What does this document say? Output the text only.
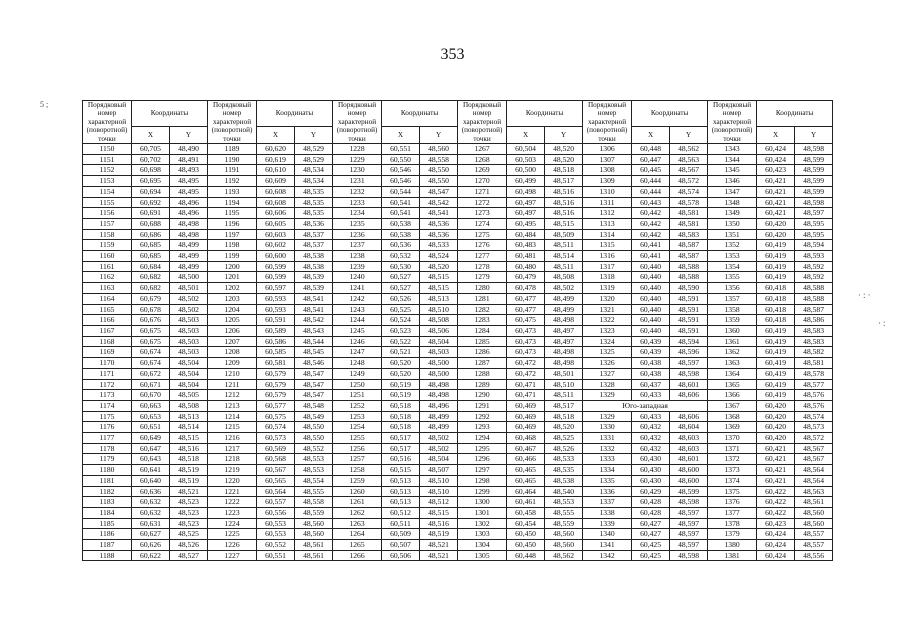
353
5 ;
·:·
·:
Порядковый номер характерной (поворотной) точки	Координаты		Порядковый номер характерной (поворотной) точки	Координаты		Порядковый номер характерной (поворотной) точки	Координаты		Порядковый номер характерной (поворотной) точки	Координаты		Порядковый номер характерной (поворотной) точки	Координаты		Порядковый номер характерной (поворотной) точки	Координаты	
	X	Y		X	Y		X	Y		X	Y		X	Y		X	Y
1150	60,705	48,490	1189	60,620	48,529	1228	60,551	48,560	1267	60,504	48,520	1306	60,448	48,562	1343	60,424	48,598
1151	60,702	48,491	1190	60,619	48,529	1229	60,550	48,558	1268	60,503	48,520	1307	60,447	48,563	1344	60,424	48,599
1152	60,698	48,493	1191	60,610	48,534	1230	60,546	48,550	1269	60,500	48,518	1308	60,445	48,567	1345	60,423	48,599
1153	60,695	48,495	1192	60,609	48,534	1231	60,546	48,550	1270	60,499	48,517	1309	60,444	48,572	1346	60,421	48,599
1154	60,694	48,495	1193	60,608	48,535	1232	60,544	48,547	1271	60,498	48,516	1310	60,444	48,574	1347	60,421	48,599
1155	60,692	48,496	1194	60,608	48,535	1233	60,541	48,542	1272	60,497	48,516	1311	60,443	48,578	1348	60,421	48,598
1156	60,691	48,496	1195	60,606	48,535	1234	60,541	48,541	1273	60,497	48,516	1312	60,442	48,581	1349	60,421	48,597
1157	60,688	48,498	1196	60,605	48,536	1235	60,538	48,536	1274	60,495	48,515	1313	60,442	48,581	1350	60,420	48,595
1158	60,686	48,498	1197	60,603	48,537	1236	60,538	48,536	1275	60,484	48,509	1314	60,442	48,583	1351	60,420	48,595
1159	60,685	48,499	1198	60,602	48,537	1237	60,536	48,533	1276	60,483	48,511	1315	60,441	48,587	1352	60,419	48,594
1160	60,685	48,499	1199	60,600	48,538	1238	60,532	48,524	1277	60,481	48,514	1316	60,441	48,587	1353	60,419	48,593
1161	60,684	48,499	1200	60,599	48,538	1239	60,530	48,520	1278	60,480	48,511	1317	60,440	48,588	1354	60,419	48,592
1162	60,682	48,500	1201	60,599	48,539	1240	60,527	48,515	1279	60,479	48,508	1318	60,440	48,588	1355	60,419	48,592
1163	60,682	48,501	1202	60,597	48,539	1241	60,527	48,515	1280	60,478	48,502	1319	60,440	48,590	1356	60,418	48,588
1164	60,679	48,502	1203	60,593	48,541	1242	60,526	48,513	1281	60,477	48,499	1320	60,440	48,591	1357	60,418	48,588
1165	60,678	48,502	1204	60,593	48,541	1243	60,525	48,510	1282	60,477	48,499	1321	60,440	48,591	1358	60,418	48,587
1166	60,676	48,503	1205	60,591	48,542	1244	60,524	48,508	1283	60,475	48,498	1322	60,440	48,591	1359	60,418	48,586
1167	60,675	48,503	1206	60,589	48,543	1245	60,523	48,506	1284	60,473	48,497	1323	60,440	48,591	1360	60,419	48,583
1168	60,675	48,503	1207	60,586	48,544	1246	60,522	48,504	1285	60,473	48,497	1324	60,439	48,594	1361	60,419	48,583
1169	60,674	48,503	1208	60,585	48,545	1247	60,521	48,503	1286	60,473	48,498	1325	60,439	48,596	1362	60,419	48,582
1170	60,674	48,504	1209	60,581	48,546	1248	60,520	48,500	1287	60,472	48,498	1326	60,438	48,597	1363	60,419	48,581
1171	60,672	48,504	1210	60,579	48,547	1249	60,520	48,500	1288	60,472	48,501	1327	60,438	48,598	1364	60,419	48,578
1172	60,671	48,504	1211	60,579	48,547	1250	60,519	48,498	1289	60,471	48,510	1328	60,437	48,601	1365	60,419	48,577
1173	60,670	48,505	1212	60,579	48,547	1251	60,519	48,498	1290	60,471	48,511	1329	60,433	48,606	1366	60,419	48,576
1174	60,663	48,508	1213	60,577	48,548	1252	60,518	48,496	1291	60,469	48,517	Юго-западная			1367	60,420	48,576
1175	60,653	48,513	1214	60,575	48,549	1253	60,518	48,499	1292	60,469	48,518	1329	60,433	48,606	1368	60,420	48,574
1176	60,651	48,514	1215	60,574	48,550	1254	60,518	48,499	1293	60,469	48,520	1330	60,432	48,604	1369	60,420	48,573
1177	60,649	48,515	1216	60,573	48,550	1255	60,517	48,502	1294	60,468	48,525	1331	60,432	48,603	1370	60,420	48,572
1178	60,647	48,516	1217	60,569	48,552	1256	60,517	48,502	1295	60,467	48,526	1332	60,432	48,603	1371	60,421	48,567
1179	60,643	48,518	1218	60,568	48,553	1257	60,516	48,504	1296	60,466	48,533	1333	60,430	48,601	1372	60,421	48,567
1180	60,641	48,519	1219	60,567	48,553	1258	60,515	48,507	1297	60,465	48,535	1334	60,430	48,600	1373	60,421	48,564
1181	60,640	48,519	1220	60,565	48,554	1259	60,513	48,510	1298	60,465	48,538	1335	60,430	48,600	1374	60,421	48,564
1182	60,636	48,521	1221	60,564	48,555	1260	60,513	48,510	1299	60,464	48,540	1336	60,429	48,599	1375	60,422	48,563
1183	60,632	48,523	1222	60,557	48,558	1261	60,513	48,512	1300	60,461	48,553	1337	60,428	48,598	1376	60,422	48,561
1184	60,632	48,523	1223	60,556	48,559	1262	60,512	48,515	1301	60,458	48,555	1338	60,428	48,597	1377	60,422	48,560
1185	60,631	48,523	1224	60,553	48,560	1263	60,511	48,516	1302	60,454	48,559	1339	60,427	48,597	1378	60,423	48,560
1186	60,627	48,525	1225	60,553	48,560	1264	60,509	48,519	1303	60,450	48,560	1340	60,427	48,597	1379	60,424	48,557
1187	60,626	48,526	1226	60,552	48,561	1265	60,507	48,521	1304	60,450	48,560	1341	60,425	48,597	1380	60,424	48,557
1188	60,622	48,527	1227	60,551	48,561	1266	60,506	48,521	1305	60,448	48,562	1342	60,425	48,598	1381	60,424	48,556
